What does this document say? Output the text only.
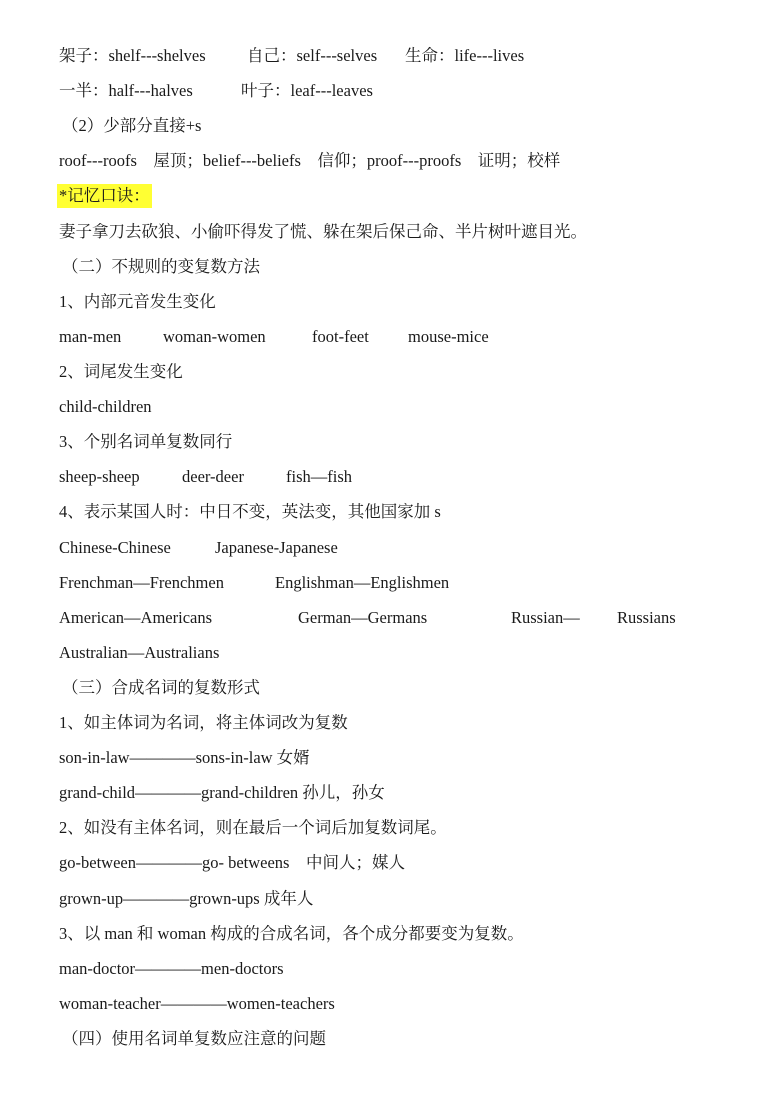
架子：shelf---shelves	自己：self---selves 生命：life---lives
一半：half---halves	叶子：leaf---leaves
（2）少部分直接+s
roof---roofs　屋顶；belief---beliefs　信仰；proof---proofs　证明；校样
*记忆口诀：
妻子拿刀去砍狼、小偷吓得发了慌、躲在架后保己命、半片树叶遮目光。
（二）不规则的变复数方法
1、内部元音发生变化
man-men	woman-women	foot-feet mouse-mice
2、词尾发生变化
child-children
3、个别名词单复数同行
sheep-sheep	deer-deer	fish—fish
4、表示某国人时：中日不变，英法变，其他国家加 s
Chinese-Chinese	Japanese-Japanese
Frenchman—Frenchmen	Englishman—Englishmen
American—Americans	German—Germans	Russian— Russians
Australian—Australians
（三）合成名词的复数形式
1、如主体词为名词，将主体词改为复数
son-in-law————sons-in-law 女婿
grand-child————grand-children 孙儿，孙女
2、如没有主体名词，则在最后一个词后加复数词尾。
go-between————go- betweens　中间人；媒人
grown-up————grown-ups 成年人
3、以 man 和 woman 构成的合成名词，各个成分都要变为复数。
man-doctor————men-doctors
woman-teacher————women-teachers
（四）使用名词单复数应注意的问题
